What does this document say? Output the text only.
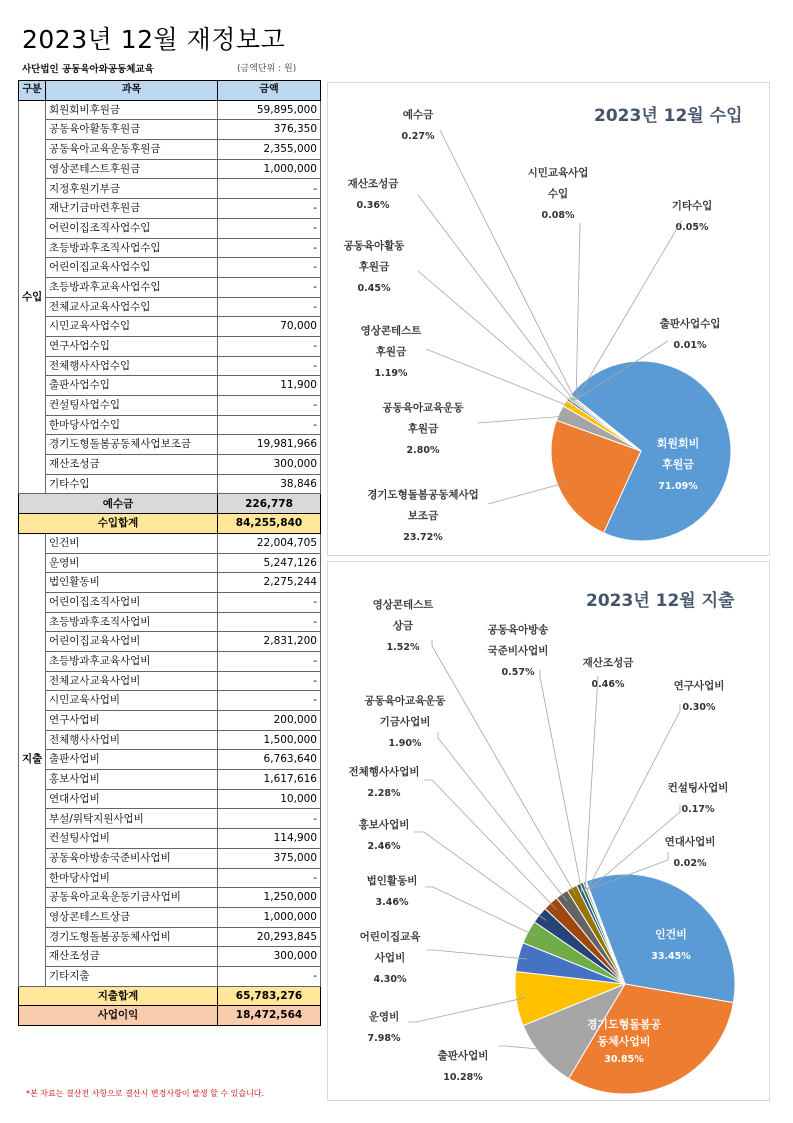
2023년 12월 재정보고
사단법인 공동육아와공동체교육	(금액단위 : 원)
구분	과목	금액
수입	회원회비후원금	59,895,000
	공동육아활동후원금	376,350
	공동육아교육운동후원금	2,355,000
	영상콘테스트후원금	1,000,000
	지정후원기부금	-
	재난기금마련후원금	-
	어린이집조직사업수입	-
	초등방과후조직사업수입	-
	어린이집교육사업수입	-
	초등방과후교육사업수입	-
	전체교사교육사업수입	-
	시민교육사업수입	70,000
	연구사업수입	-
	전체행사사업수입	-
	출판사업수입	11,900
	컨설팅사업수입	-
	한마당사업수입	-
	경기도형돌봄공동체사업보조금	19,981,966
	재산조성금	300,000
	기타수입	38,846
예수금		226,778
수입합계		84,255,840
지출	인건비	22,004,705
	운영비	5,247,126
	법인활동비	2,275,244
	어린이집조직사업비	-
	초등방과후조직사업비	-
	어린이집교육사업비	2,831,200
	초등방과후교육사업비	-
	전체교사교육사업비	-
	시민교육사업비	-
	연구사업비	200,000
	전체행사사업비	1,500,000
	출판사업비	6,763,640
	홍보사업비	1,617,616
	연대사업비	10,000
	부설/위탁지원사업비	-
	컨설팅사업비	114,900
	공동육아방송국준비사업비	375,000
	한마당사업비	-
	공동육아교육운동기금사업비	1,250,000
	영상콘테스트상금	1,000,000
	경기도형돌봄공동체사업비	20,293,845
	재산조성금	300,000
	기타지출	-
지출합계		65,783,276
사업이익		18,472,564
*본 자료는 결산전 사항으로 결산시 변경사항이 발생 할 수 있습니다.
2023년 12월 수입
회원회비
후원금
71.09%
경기도형돌봄공동체사업
보조금
23.72%
공동육아교육운동
후원금
2.80%
영상콘테스트
후원금
1.19%
공동육아활동
후원금
0.45%
재산조성금
0.36%
예수금
0.27%
시민교육사업
수입
0.08%
기타수입
0.05%
출판사업수입
0.01%
2023년 12월 지출
인건비
33.45%
경기도형돌봄공
동체사업비
30.85%
출판사업비
10.28%
운영비
7.98%
어린이집교육
사업비
4.30%
법인활동비
3.46%
홍보사업비
2.46%
전체행사사업비
2.28%
공동육아교육운동
기금사업비
1.90%
영상콘테스트
상금
1.52%
공동육아방송
국준비사업비
0.57%
재산조성금
0.46%	연구사업비
0.30%
컨설팅사업비
0.17%
연대사업비
0.02%
